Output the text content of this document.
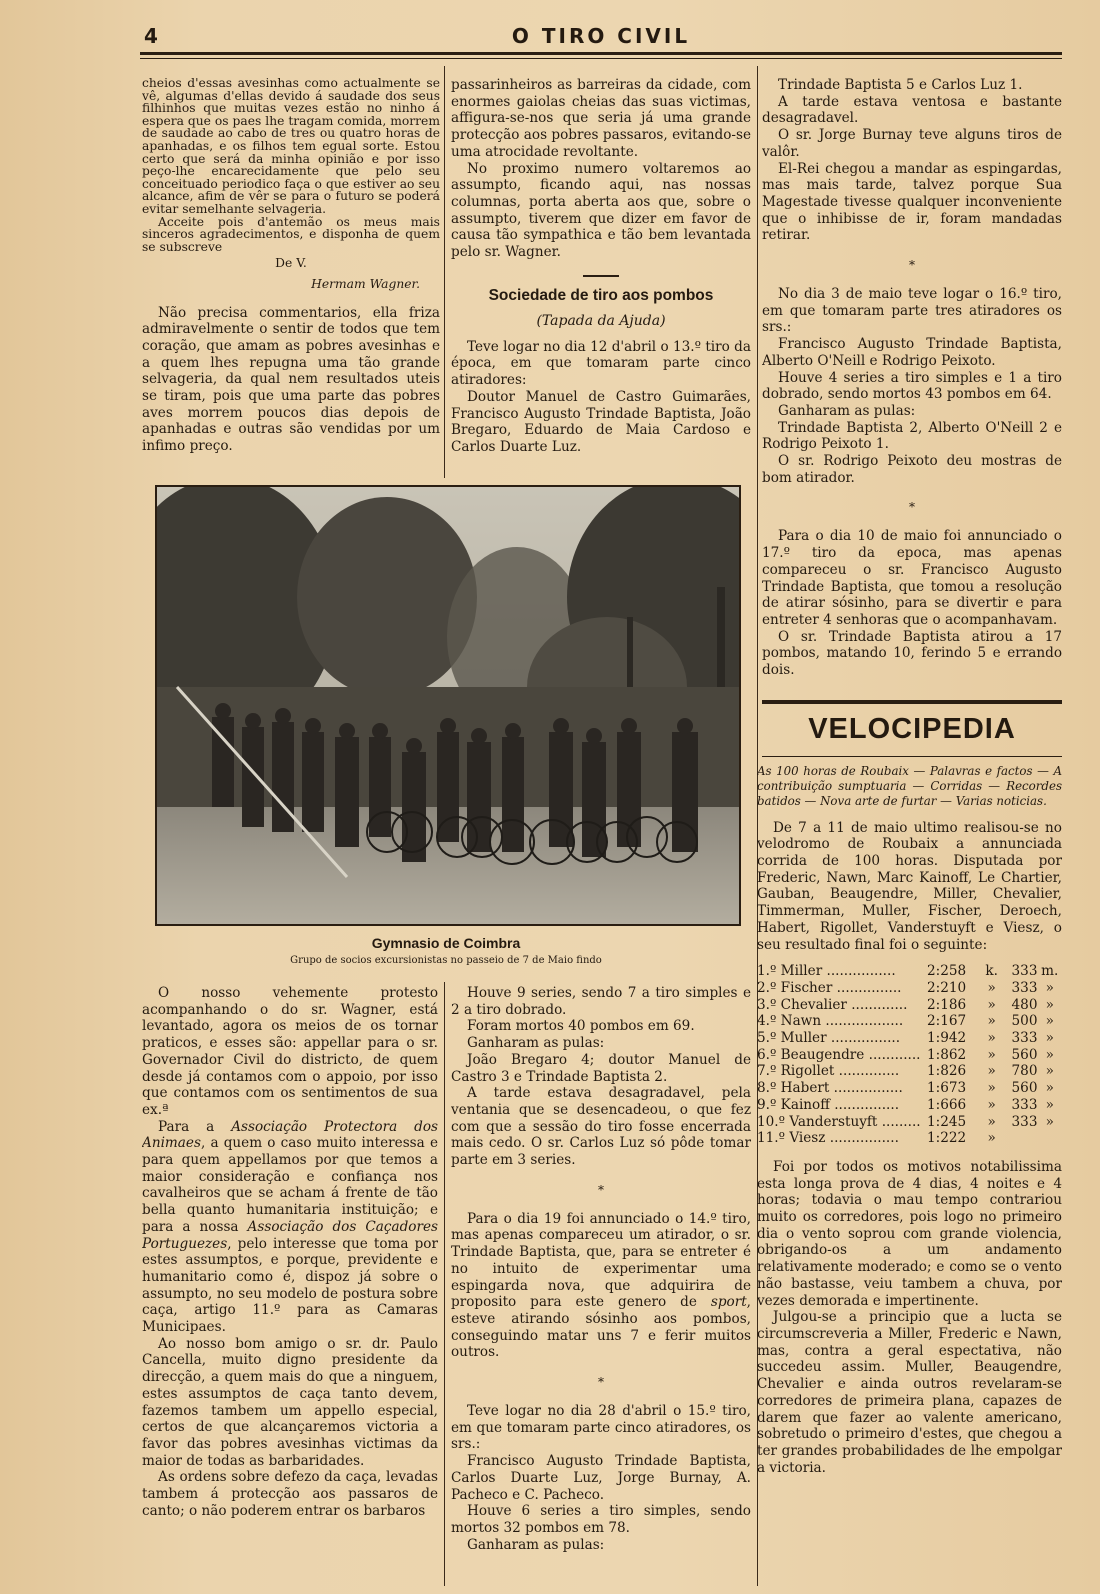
4	O TIRO CIVIL

cheios d'essas avesinhas como actualmente se vê, algumas d'ellas devido á saudade dos seus filhinhos que muitas vezes estão no ninho á espera que os paes lhe tragam comida, morrem de saudade ao cabo de tres ou quatro horas de apanhadas, e os filhos tem egual sorte. Estou certo que será da minha opinião e por isso peço-lhe encarecidamente que pelo seu conceituado periodico faça o que estiver ao seu alcance, afim de vêr se para o futuro se poderá evitar semelhante selvageria.

Acceite pois d'antemão os meus mais sinceros agradecimentos, e disponha de quem se subscreve

De V.

Hermam Wagner.

Não precisa commentarios, ella friza admiravelmente o sentir de todos que tem coração, que amam as pobres avesinhas e a quem lhes repugna uma tão grande selvageria, da qual nem resultados uteis se tiram, pois que uma parte das pobres aves morrem poucos dias depois de apanhadas e outras são vendidas por um infimo preço.

passarinheiros as barreiras da cidade, com enormes gaiolas cheias das suas victimas, affigura-se-nos que seria já uma grande protecção aos pobres passaros, evitando-se uma atrocidade revoltante.

No proximo numero voltaremos ao assumpto, ficando aqui, nas nossas columnas, porta aberta aos que, sobre o assumpto, tiverem que dizer em favor de causa tão sympathica e tão bem levantada pelo sr. Wagner.

Sociedade de tiro aos pombos

(Tapada da Ajuda)

Teve logar no dia 12 d'abril o 13.º tiro da época, em que tomaram parte cinco atiradores:

Doutor Manuel de Castro Guimarães, Francisco Augusto Trindade Baptista, João Bregaro, Eduardo de Maia Cardoso e Carlos Duarte Luz.

Gymnasio de Coimbra
Grupo de socios excursionistas no passeio de 7 de Maio findo

O nosso vehemente protesto acompanhando o do sr. Wagner, está levantado, agora os meios de os tornar praticos, e esses são: appellar para o sr. Governador Civil do districto, de quem desde já contamos com o appoio, por isso que contamos com os sentimentos de sua ex.ª

Para a Associação Protectora dos Animaes, a quem o caso muito interessa e para quem appellamos por que temos a maior consideração e confiança nos cavalheiros que se acham á frente de tão bella quanto humanitaria instituição; e para a nossa Associação dos Caçadores Portuguezes, pelo interesse que toma por estes assumptos, e porque, previdente e humanitario como é, dispoz já sobre o assumpto, no seu modelo de postura sobre caça, artigo 11.º para as Camaras Municipaes.

Ao nosso bom amigo o sr. dr. Paulo Cancella, muito digno presidente da direcção, a quem mais do que a ninguem, estes assumptos de caça tanto devem, fazemos tambem um appello especial, certos de que alcançaremos victoria a favor das pobres avesinhas victimas da maior de todas as barbaridades.

As ordens sobre defezo da caça, levadas tambem á protecção aos passaros de canto; o não poderem entrar os barbaros

Houve 9 series, sendo 7 a tiro simples e 2 a tiro dobrado.

Foram mortos 40 pombos em 69.

Ganharam as pulas:

João Bregaro 4; doutor Manuel de Castro 3 e Trindade Baptista 2.

A tarde estava desagradavel, pela ventania que se desencadeou, o que fez com que a sessão do tiro fosse encerrada mais cedo. O sr. Carlos Luz só pôde tomar parte em 3 series.

*

Para o dia 19 foi annunciado o 14.º tiro, mas apenas compareceu um atirador, o sr. Trindade Baptista, que, para se entreter é no intuito de experimentar uma espingarda nova, que adquirira de proposito para este genero de sport, esteve atirando sósinho aos pombos, conseguindo matar uns 7 e ferir muitos outros.

*

Teve logar no dia 28 d'abril o 15.º tiro, em que tomaram parte cinco atiradores, os srs.:

Francisco Augusto Trindade Baptista, Carlos Duarte Luz, Jorge Burnay, A. Pacheco e C. Pacheco.

Houve 6 series a tiro simples, sendo mortos 32 pombos em 78.

Ganharam as pulas:

Trindade Baptista 5 e Carlos Luz 1.

A tarde estava ventosa e bastante desagradavel.

O sr. Jorge Burnay teve alguns tiros de valôr.

El-Rei chegou a mandar as espingardas, mas mais tarde, talvez porque Sua Magestade tivesse qualquer inconveniente que o inhibisse de ir, foram mandadas retirar.

*

No dia 3 de maio teve logar o 16.º tiro, em que tomaram parte tres atiradores os srs.:

Francisco Augusto Trindade Baptista, Alberto O'Neill e Rodrigo Peixoto.

Houve 4 series a tiro simples e 1 a tiro dobrado, sendo mortos 43 pombos em 64.

Ganharam as pulas:

Trindade Baptista 2, Alberto O'Neill 2 e Rodrigo Peixoto 1.

O sr. Rodrigo Peixoto deu mostras de bom atirador.

*

Para o dia 10 de maio foi annunciado o 17.º tiro da epoca, mas apenas compareceu o sr. Francisco Augusto Trindade Baptista, que tomou a resolução de atirar sósinho, para se divertir e para entreter 4 senhoras que o acompanhavam.

O sr. Trindade Baptista atirou a 17 pombos, matando 10, ferindo 5 e errando dois.

VELOCIPEDIA

As 100 horas de Roubaix — Palavras e factos — A contribuição sumptuaria — Corridas — Recordes batidos — Nova arte de furtar — Varias noticias.

De 7 a 11 de maio ultimo realisou-se no velodromo de Roubaix a annunciada corrida de 100 horas. Disputada por Frederic, Nawn, Marc Kainoff, Le Chartier, Gauban, Beaugendre, Miller, Chevalier, Timmerman, Muller, Fischer, Deroech, Habert, Rigollet, Vanderstuyft e Viesz, o seu resultado final foi o seguinte:

1.º Miller ................	2:258	k.	333	m.
2.º Fischer ...............	2:210	»	333	»
3.º Chevalier .............	2:186	»	480	»
4.º Nawn ..................	2:167	»	500	»
5.º Muller ................	1:942	»	333	»
6.º Beaugendre ............	1:862	»	560	»
7.º Rigollet ..............	1:826	»	780	»
8.º Habert ................	1:673	»	560	»
9.º Kainoff ...............	1:666	»	333	»
10.º Vanderstuyft .........	1:245	»	333	»
11.º Viesz ................	1:222	»		

Foi por todos os motivos notabilissima esta longa prova de 4 dias, 4 noites e 4 horas; todavia o mau tempo contrariou muito os corredores, pois logo no primeiro dia o vento soprou com grande violencia, obrigando-os a um andamento relativamente moderado; e como se o vento não bastasse, veiu tambem a chuva, por vezes demorada e impertinente.

Julgou-se a principio que a lucta se circumscreveria a Miller, Frederic e Nawn, mas, contra a geral espectativa, não succedeu assim. Muller, Beaugendre, Chevalier e ainda outros revelaram-se corredores de primeira plana, capazes de darem que fazer ao valente americano, sobretudo o primeiro d'estes, que chegou a ter grandes probabilidades de lhe empolgar a victoria.
